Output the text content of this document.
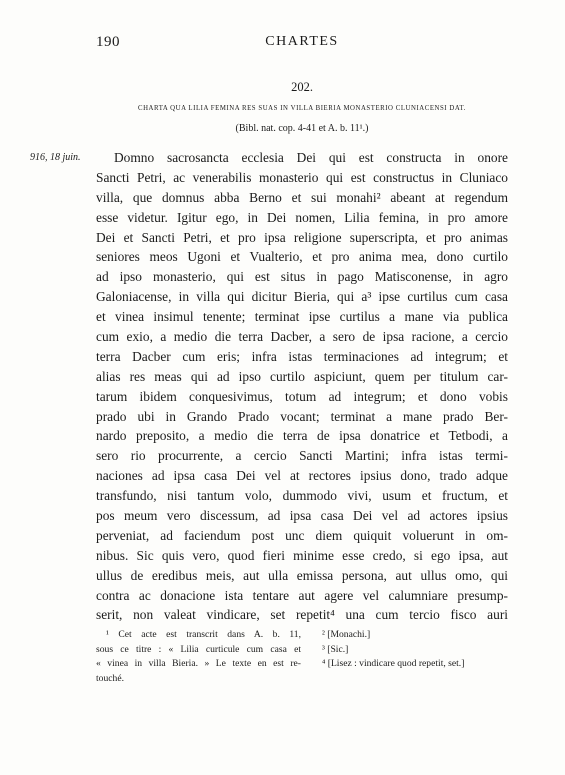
190	CHARTES
202.
CHARTA QUA LILIA FEMINA RES SUAS IN VILLA BIERIA MONASTERIO CLUNIACENSI DAT.
(Bibl. nat. cop. 4-41 et A. b. 11¹.)
916, 18 juin.	Domno sacrosancta ecclesia Dei qui est constructa in onore
Sancti Petri, ac venerabilis monasterio qui est constructus in Cluniaco
villa, que domnus abba Berno et sui monahi² abeant at regendum
esse videtur. Igitur ego, in Dei nomen, Lilia femina, in pro amore
Dei et Sancti Petri, et pro ipsa religione superscripta, et pro animas
seniores meos Ugoni et Vualterio, et pro anima mea, dono curtilo
ad ipso monasterio, qui est situs in pago Matisconense, in agro
Galoniacense, in villa qui dicitur Bieria, qui a³ ipse curtilus cum casa
et vinea insimul tenente; terminat ipse curtilus a mane via publica
cum exio, a medio die terra Dacber, a sero de ipsa racione, a cercio
terra Dacber cum eris; infra istas terminaciones ad integrum; et
alias res meas qui ad ipso curtilo aspiciunt, quem per titulum car-
tarum ibidem conquesivimus, totum ad integrum; et dono vobis
prado ubi in Grando Prado vocant; terminat a mane prado Ber-
nardo preposito, a medio die terra de ipsa donatrice et Tetbodi, a
sero rio procurrente, a cercio Sancti Martini; infra istas termi-
naciones ad ipsa casa Dei vel at rectores ipsius dono, trado adque
transfundo, nisi tantum volo, dummodo vivi, usum et fructum, et
pos meum vero discessum, ad ipsa casa Dei vel ad actores ipsius
perveniat, ad faciendum post unc diem quiquit voluerunt in om-
nibus. Sic quis vero, quod fieri minime esse credo, si ego ipsa, aut
ullus de eredibus meis, aut ulla emissa persona, aut ullus omo, qui
contra ac donacione ista tentare aut agere vel calumniare presump-
serit, non valeat vindicare, set repetit⁴ una cum tercio fisco auri
¹ Cet acte est transcrit dans A. b. 11,
sous ce titre : « Lilia curticule cum casa et
« vinea in villa Bieria. » Le texte en est re-
touché.
² [Monachi.]
³ [Sic.]
⁴ [Lisez : vindicare quod repetit, set.]
